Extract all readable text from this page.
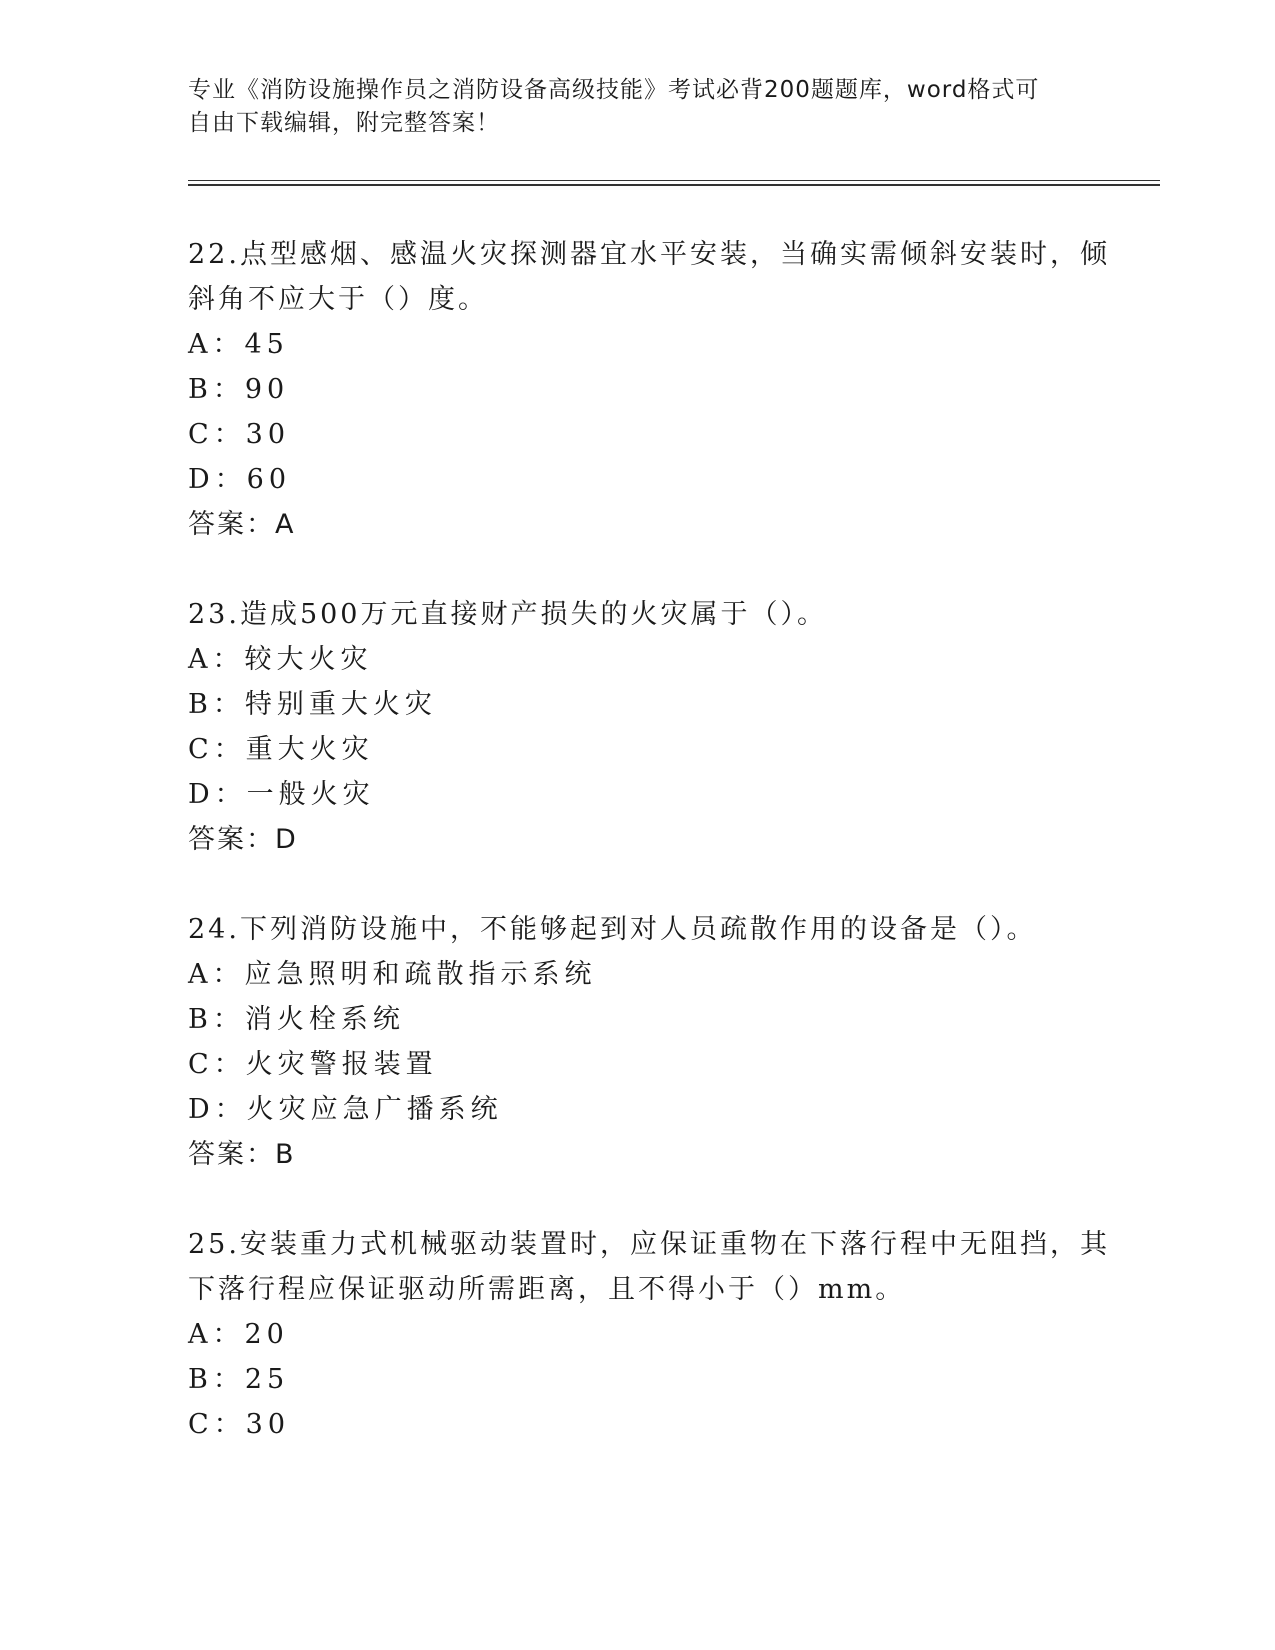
专业《消防设施操作员之消防设备高级技能》考试必背200题题库，word格式可

自由下载编辑，附完整答案！

22.点型感烟、感温火灾探测器宜水平安装，当确实需倾斜安装时，倾
斜角不应大于（）度。
A：45
B：90
C：30
D：60
答案：A
23.造成500万元直接财产损失的火灾属于（）。
A：较大火灾
B：特别重大火灾
C：重大火灾
D：一般火灾
答案：D
24.下列消防设施中，不能够起到对人员疏散作用的设备是（）。
A：应急照明和疏散指示系统
B：消火栓系统
C：火灾警报装置
D：火灾应急广播系统
答案：B
25.安装重力式机械驱动装置时，应保证重物在下落行程中无阻挡，其
下落行程应保证驱动所需距离，且不得小于（）mm。
A：20
B：25
C：30
